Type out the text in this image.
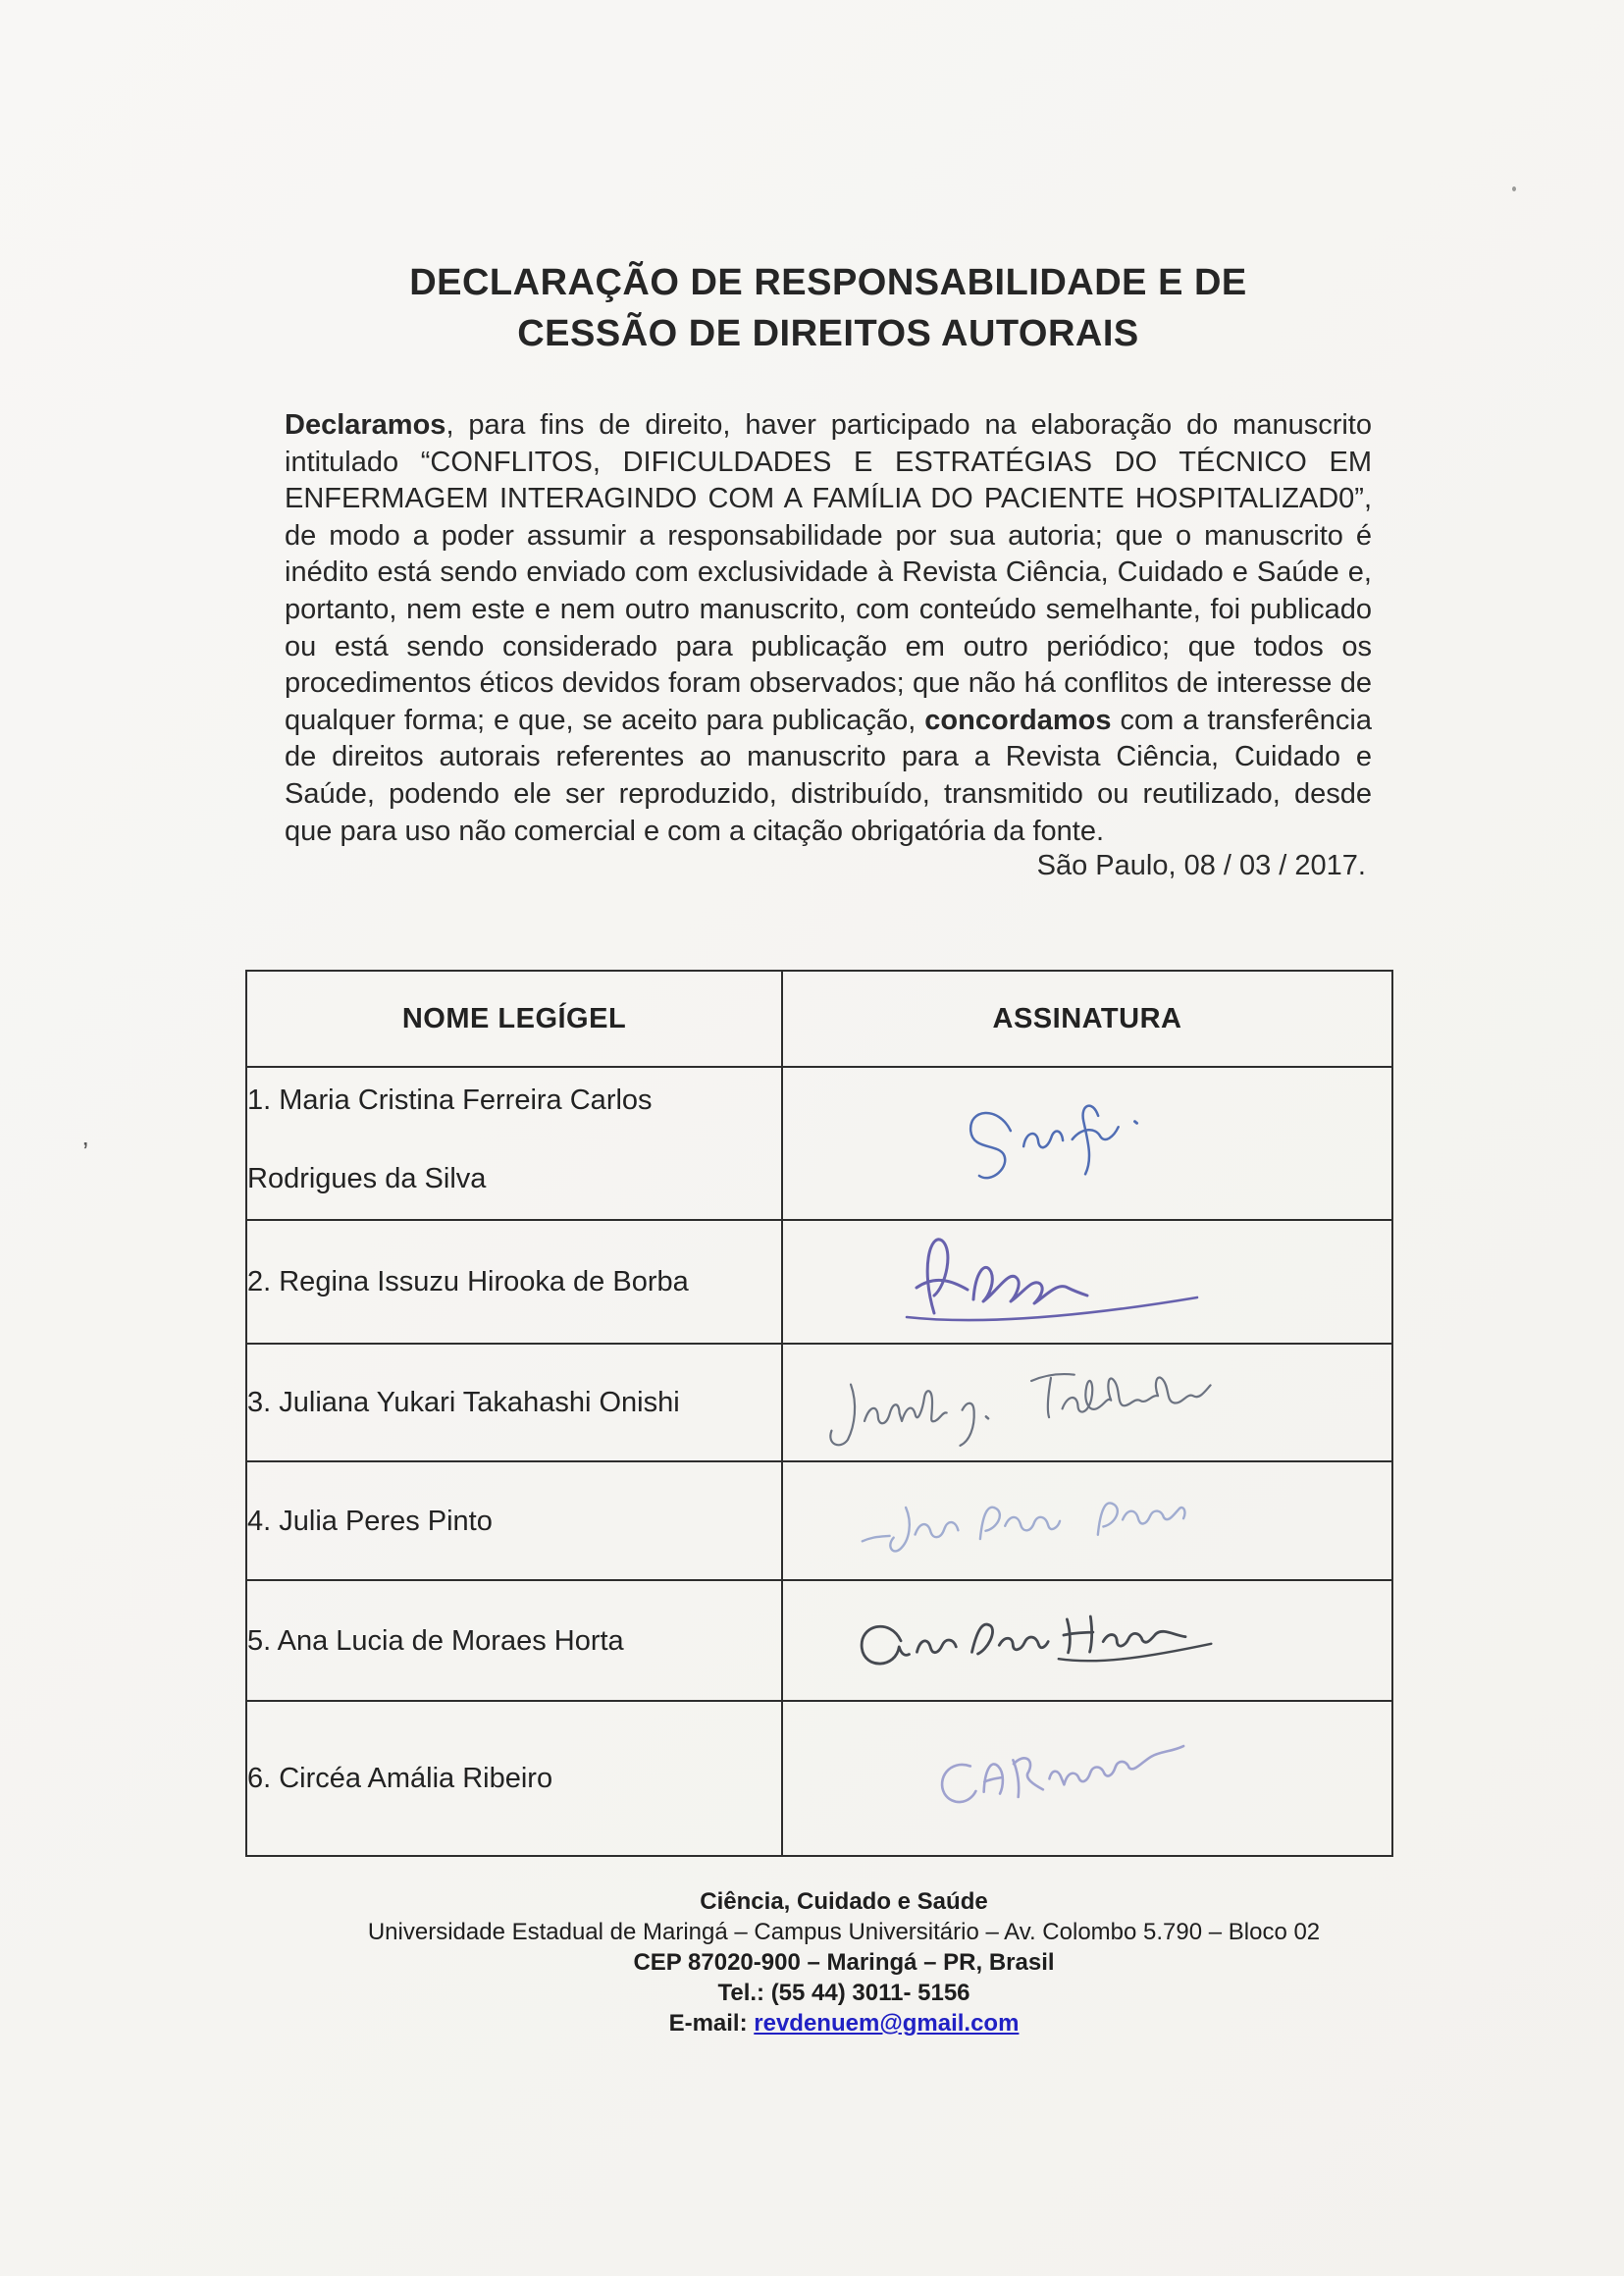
DECLARAÇÃO DE RESPONSABILIDADE E DE
CESSÃO DE DIREITOS AUTORAIS

Declaramos, para fins de direito, haver participado na elaboração do manuscrito intitulado “CONFLITOS, DIFICULDADES E ESTRATÉGIAS DO TÉCNICO EM ENFERMAGEM INTERAGINDO COM A FAMÍLIA DO PACIENTE HOSPITALIZAD0”, de modo a poder assumir a responsabilidade por sua autoria; que o manuscrito é inédito está sendo enviado com exclusividade à Revista Ciência, Cuidado e Saúde e, portanto, nem este e nem outro manuscrito, com conteúdo semelhante, foi publicado ou está sendo considerado para publicação em outro periódico; que todos os procedimentos éticos devidos foram observados; que não há conflitos de interesse de qualquer forma; e que, se aceito para publicação, concordamos com a transferência de direitos autorais referentes ao manuscrito para a Revista Ciência, Cuidado e Saúde, podendo ele ser reproduzido, distribuído, transmitido ou reutilizado, desde que para uso não comercial e com a citação obrigatória da fonte.

São Paulo, 08 / 03 / 2017.
NOME LEGÍGEL	ASSINATURA

1. Maria Cristina Ferreira Carlos
Rodrigues da Silva

2. Regina Issuzu Hirooka de Borba

3. Juliana Yukari Takahashi Onishi

4. Julia Peres Pinto

5. Ana Lucia de Moraes Horta

6. Circéa Amália Ribeiro

Ciência, Cuidado e Saúde
Universidade Estadual de Maringá – Campus Universitário – Av. Colombo 5.790 – Bloco 02
CEP 87020-900 – Maringá – PR, Brasil
Tel.: (55 44) 3011- 5156
E-mail: revdenuem@gmail.com
’
